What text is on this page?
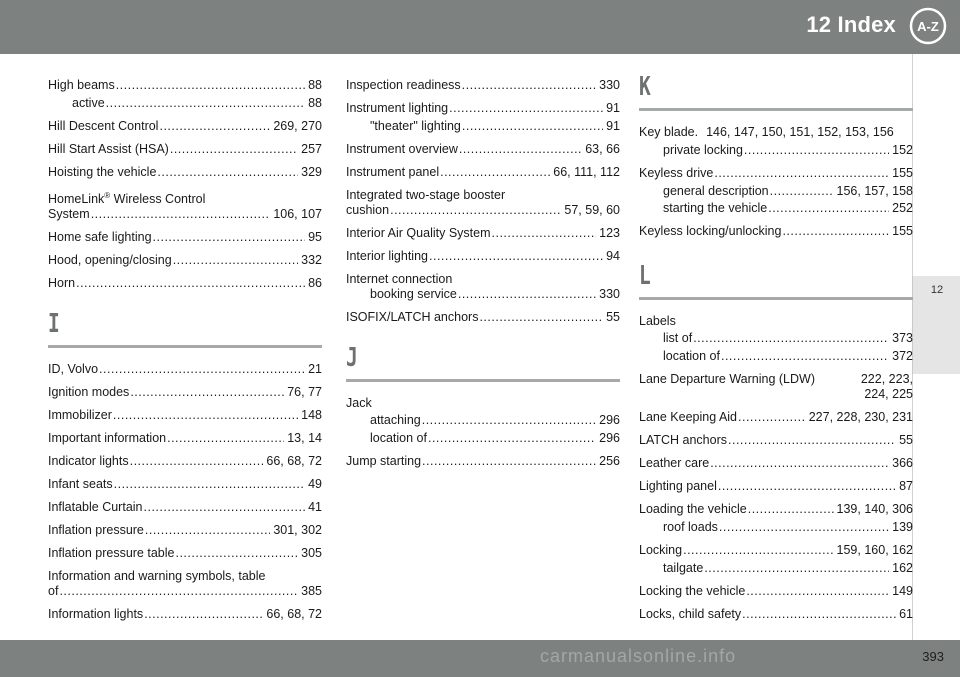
12 Index A-Z
12
High beams .....	88
active .....	88
Hill Descent Control .....	269, 270
Hill Start Assist (HSA) .....	257
Hoisting the vehicle .....	329
HomeLink® Wireless Control
System .....	106, 107
Home safe lighting .....	95
Hood, opening/closing .....	332
Horn .....	86
I
ID, Volvo .....	21
Ignition modes .....	76, 77
Immobilizer .....	148
Important information .....	13, 14
Indicator lights .....	66, 68, 72
Infant seats .....	49
Inflatable Curtain .....	41
Inflation pressure .....	301, 302
Inflation pressure table .....	305
Information and warning symbols, table
of .....	385
Information lights .....	66, 68, 72
Inspection readiness .....	330
Instrument lighting .....	91
"theater" lighting .....	91
Instrument overview .....	63, 66
Instrument panel .....	66, 111, 112
Integrated two-stage booster
cushion .....	57, 59, 60
Interior Air Quality System .....	123
Interior lighting .....	94
Internet connection
booking service .....	330
ISOFIX/LATCH anchors .....	55
J
Jack
attaching .....	296
location of .....	296
Jump starting .....	256
K
Key blade. 146, 147, 150, 151, 152, 153, 156
private locking .....	152
Keyless drive .....	155
general description .....	156, 157, 158
starting the vehicle .....	252
Keyless locking/unlocking .....	155
L
Labels
list of .....	373
location of .....	372
Lane Departure Warning (LDW)	222, 223,
224, 225
Lane Keeping Aid .....	227, 228, 230, 231
LATCH anchors .....	55
Leather care .....	366
Lighting panel .....	87
Loading the vehicle .....	139, 140, 306
roof loads .....	139
Locking .....	159, 160, 162
tailgate .....	162
Locking the vehicle .....	149
Locks, child safety .....	61
393
carmanualsonline.info
